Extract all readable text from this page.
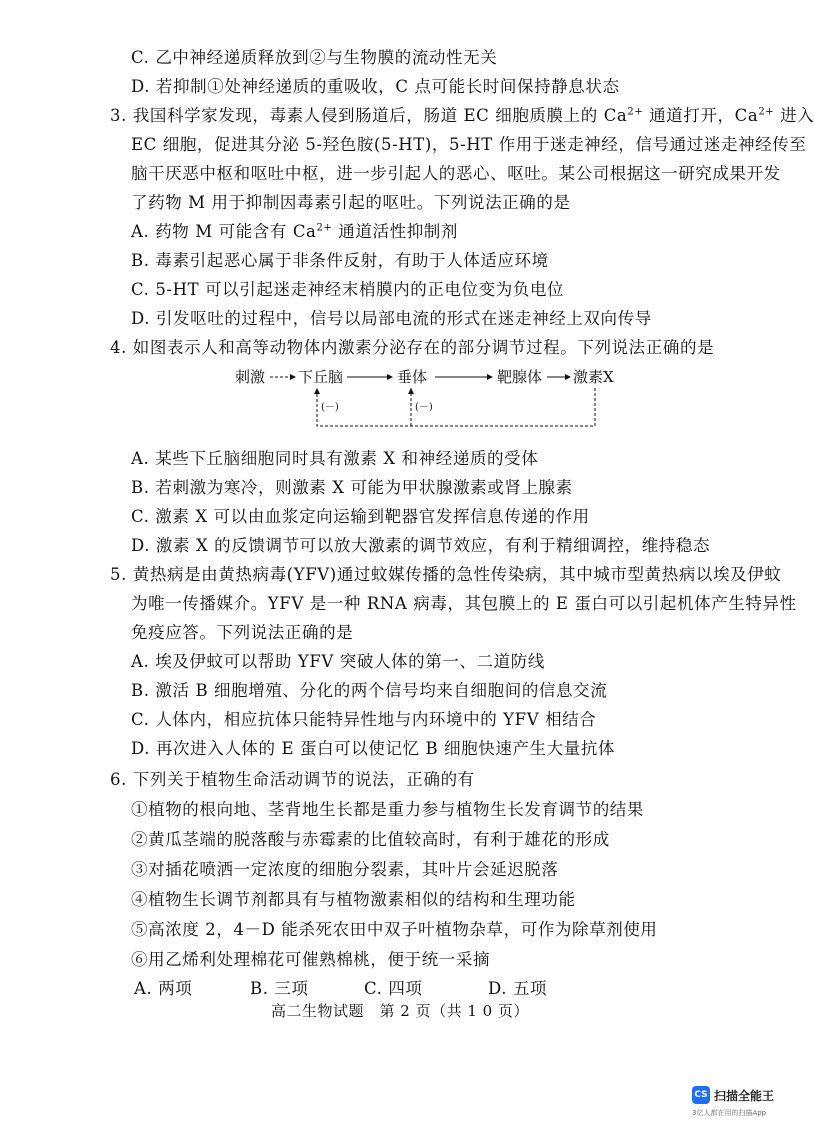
C. 乙中神经递质释放到②与生物膜的流动性无关
D. 若抑制①处神经递质的重吸收，C 点可能长时间保持静息状态
3. 我国科学家发现，毒素人侵到肠道后，肠道 EC 细胞质膜上的 $Ca^{2+}$ 通道打开，$Ca^{2+}$ 进入
EC 细胞，促进其分泌 5-羟色胺(5-HT)，5-HT 作用于迷走神经，信号通过迷走神经传至
脑干厌恶中枢和呕吐中枢，进一步引起人的恶心、呕吐。某公司根据这一研究成果开发
了药物 M 用于抑制因毒素引起的呕吐。下列说法正确的是
A. 药物 M 可能含有 $Ca^{2+}$ 通道活性抑制剂
B. 毒素引起恶心属于非条件反射，有助于人体适应环境
C. 5-HT 可以引起迷走神经末梢膜内的正电位变为负电位
D. 引发呕吐的过程中，信号以局部电流的形式在迷走神经上双向传导
4. 如图表示人和高等动物体内激素分泌存在的部分调节过程。下列说法正确的是
刺激 下丘脑	垂体	靶腺体 激素X
(－)	(－)
A. 某些下丘脑细胞同时具有激素 X 和神经递质的受体
B. 若刺激为寒冷，则激素 X 可能为甲状腺激素或肾上腺素
C. 激素 X 可以由血浆定向运输到靶器官发挥信息传递的作用
D. 激素 X 的反馈调节可以放大激素的调节效应，有利于精细调控，维持稳态
5. 黄热病是由黄热病毒(YFV)通过蚊媒传播的急性传染病，其中城市型黄热病以埃及伊蚊
为唯一传播媒介。YFV 是一种 RNA 病毒，其包膜上的 E 蛋白可以引起机体产生特异性
免疫应答。下列说法正确的是
A. 埃及伊蚊可以帮助 YFV 突破人体的第一、二道防线
B. 激活 B 细胞增殖、分化的两个信号均来自细胞间的信息交流
C. 人体内，相应抗体只能特异性地与内环境中的 YFV 相结合
D. 再次进入人体的 E 蛋白可以使记忆 B 细胞快速产生大量抗体
6. 下列关于植物生命活动调节的说法，正确的有
①植物的根向地、茎背地生长都是重力参与植物生长发育调节的结果
②黄瓜茎端的脱落酸与赤霉素的比值较高时，有利于雄花的形成
③对插花喷洒一定浓度的细胞分裂素，其叶片会延迟脱落
④植物生长调节剂都具有与植物激素相似的结构和生理功能
⑤高浓度 2，4－D 能杀死农田中双子叶植物杂草，可作为除草剂使用
⑥用乙烯利处理棉花可催熟棉桃，便于统一采摘
A. 两项	B. 三项	C. 四项	D. 五项
高二生物试题　第 2 页（共 1 0 页）
CS 扫描全能王
3亿人都在用的扫描App
